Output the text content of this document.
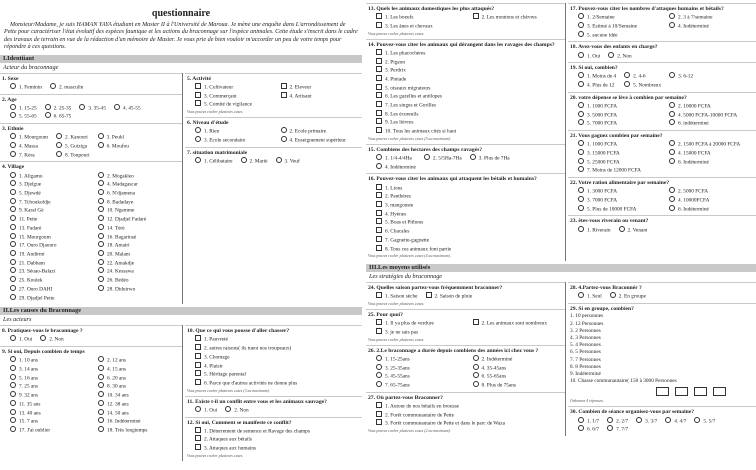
questionnaire
Monsieur/Madame, je suis HAMAN YAYA étudiant en Master II à l'Université de Maroua. Je mène une enquête dans L'arrondissement de Pette pour caractériser l'état évolutif des espèces faunique et les actions du braconnage sur l'espèce animales. Cette étude s'inscrit dans le cadre des travaux de terrain en vue de la rédaction d'un mémoire de Master. Je vous prie de bien vouloir m'accorder un peu de votre temps pour répondre à ces questions.
I.Identiiant
Acteur du braconnage
1. Sexe
1. Feminin	2. masculin
2. Age
1. 15-25	2. 25-35	3. 35-45	4. 45-55
5. 55-65	6. 65-75
3. Ethnie
1. Mourgoum	2. Kanouri	3. Peuhl
4. Massa	5. Guiziga	6. Moufou
7. Kéra	8. Toupouri
4. Village
1. Aligamo	2. Mogakleo
3. Djelgue	4. Madagascar
5. Djewdé	6. N'djamena
7. Tchoukoldje	8. Badadaye
9. Karal Gé	10. Ngemme
11. Pette	12. Djadjel Fadaré
13. Fadaré	14. Téré
15. Mourgoum	16. Bagarinsé
17. Ouro Djaouro	18. Amairi
19. Andirmi	20. Malam
21. Dabbam	22. Amakdje
23. Séuao-Balazi	24. Kessawa
25. Koulek	26. Bédéo
27. Ouro DAHI	28. Diduirwo
29. Djadjel Pette
5. Activité
1. Cultivateur	2. Eleveur
3. Commerçant	4. Artisant
5. Comité de vigilance
Vous pouvez cocher plusieurs cases.
6. Niveau d'étude
1. Rien	2. Ecole primaire
3. Ecole secondaire	4. Enseignement supérieur
7. situation matrimoniale
1. Célibataire	2. Marié	3. Veuf
II.Les causes du Braconnage
Les acteurs
8. Pratiquez-vous le braconnage ?
1. Oui	2. Non
9. Si oui, Depuis combien de temps
1. 10 ans	2. 12 ans
3. 14 ans	4. 15 ans
5. 16 ans	6. 20 ans
7. 25 ans	8. 30 ans
9. 32 ans	10. 34 ans
11. 35 ans	12. 38 ans
13. 40 ans	14. 50 ans
15. 7 ans	16. Indéterminé
17. J'ai oublier	18. Très longtemps
10. Que ce qui vous pousse d'aller chasser?
1. Pauvreté
2. autres raisons( ils tuent nos troupeaux)
3. Chomage
4. Plaisir
5. Héritage parental
6. Parce que d'autres activités ne donne plus
Vous pouvez cocher plusieurs cases (3 au maximum).
11. Existe t-il un conflit entre vous et les animaux sauvage?
1. Oui	2. Non
12. Si oui, Comment se manifeste ce conflit?
1. Déterrement de semence et Ravage des champs
2. Attaques aux bétails
3. Attaques aux humains
Vous pouvez cocher plusieurs cases.
13. Quels les animaux domestiques les plus attaqués?
1. Les boeufs	2. Les moutons et chèvres
3. Les ânes et chevaux
Vous pouvez cocher plusieurs cases.
14. Pouvez-vous citer les animaux qui dérangent dans les ravages des champs?
1. Les phacochères
2. Pigeon
3. Perdrix
4. Pintade
5. oiseaux migrateurs
6. Les gazelles et antilopes
7. Les singes et Gorilles
8. Les écureuils
9. Les lièvres
10. Tous les animaux cités si haut
Vous pouvez cocher plusieurs cases (5 au maximum).
15. Combiens des hectares des champs ravagés?
1. 1/4-4/4Ha	2. 5/5Ha-7Ha	3. Plus de 7Ha
4. Indéterminé
16. Pouvez-vous citer les animaux qui attaquent les bétails et humains?
1. Lions
2. Panthères
3. mangouste
4. Hyènes
5. Boas et Pithons
6. Chacales
7. Gagnette-gagnette
8. Tous ces animaux font partie
Vous pouvez cocher plusieurs cases (4 au maximum).
17. Pouvez-vous citer les nombres d'attaques humains et bétails?
1. 2/Semaine	2. 3 à 7/semaine
3. Estimé à 10/Semaine	4. Indéterminé
5. aucune idée
18. Avez-vous des enfants en charge?
1. Oui	2. Non
19. Si oui, combien?
1. Moins de 4	2. 4-6	3. 6-12
4. Plus de 12	5. Nombreux
20. votre dépense se lève à combien par semaine?
1. 1000 FCFA	2. 10000 FCFA
3. 5000 FCFA	4. 5000 FCFA-10000 FCFA
5. 7000 FCFA	6. indéterminé
21. Vous gagnez combien par semaine?
1. 1000 FCFA	2. 1500 FCFA à 20000 FCFA
3. 15000 FCFA	4. 15000 FCFA
5. 25000 FCFA	6. Indéterminé
7. Moins de 12000 FCFA
22. Votre ration alimentaire par semaine?
1. 3000 FCFA	2. 5000 FCFA
3. 7000 FCFA	4. 10000FCFA
5. Plus de 10000 FCFA	6. Indéterminé
23. êtes-vous riverain ou venant?
1. Riverain	2. Venant
III.Les moyens utilisés
Les stratégies du braconnage
24. Quelles saison partez-vous fréquemment braconner?
1. Saison sèche	2. Saison de pluie
Vous pouvez cocher plusieurs cases.
25. Pour quoi?
1. Il ya plus de verdure	2. Les animaux sont nombreux
3. je ne sais pas
Vous pouvez cocher plusieurs cases.
26. 2.Le braconnage a durée depuis combiens des années ici chez vous ?
1. 15-25ans	2. Indéterminé
3. 25-35ans	4. 35-45ans
5. 45-55ans	6. 55-65ans
7. 65-75ans	8. Plus de 75ans
27. Où partez-vous Braconner?
1. Autour de nos bétails en brousse
2. Forêt communautaire de Pette
3. Forêt communautaire de Pette et dans le parc de Waza
Vous pouvez cocher plusieurs cases (2 au maximum).
28. 4.Partez-vous Braconnér ?
1. Seul	2. En groupe
29. Si en groupe, combien?
1. 10 personnes
2. 12 Personnes
3. 2 Personnes
4. 3 Personnes
5. 4 Personnes
6. 5 Personnes
7. 7 Personnes
8. 8 Personnes
9. Indéterminé
10. Chasse communautaire( 150 à 3000 Personnes
Ordonnez 4 réponses.
30. Combien de séance organisez-vous par semaine?
1. 1/7	2. 2/7	3. 3/7	4. 4/7	5. 5/7
6. 6/7	7. 7/7
